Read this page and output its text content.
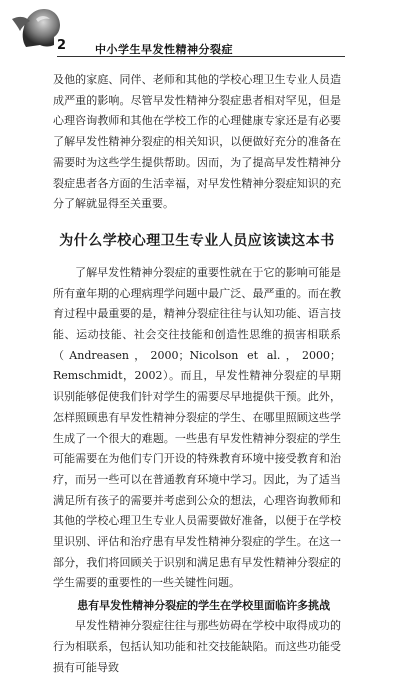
2	中小学生早发性精神分裂症

及他的家庭、同伴、老师和其他的学校心理卫生专业人员造成严重的影响。尽管早发性精神分裂症患者相对罕见，但是心理咨询教师和其他在学校工作的心理健康专家还是有必要了解早发性精神分裂症的相关知识，以便做好充分的准备在需要时为这些学生提供帮助。因而，为了提高早发性精神分裂症患者各方面的生活幸福，对早发性精神分裂症知识的充分了解就显得至关重要。

为什么学校心理卫生专业人员应该读这本书

了解早发性精神分裂症的重要性就在于它的影响可能是所有童年期的心理病理学问题中最广泛、最严重的。而在教育过程中最重要的是，精神分裂症往往与认知功能、语言技能、运动技能、社会交往技能和创造性思维的损害相联系（Andreasen，2000；Nicolson et al.，2000；Remschmidt，2002）。而且，早发性精神分裂症的早期识别能够促使我们针对学生的需要尽早地提供干预。此外，怎样照顾患有早发性精神分裂症的学生、在哪里照顾这些学生成了一个很大的难题。一些患有早发性精神分裂症的学生可能需要在为他们专门开设的特殊教育环境中接受教育和治疗，而另一些可以在普通教育环境中学习。因此，为了适当满足所有孩子的需要并考虑到公众的想法，心理咨询教师和其他的学校心理卫生专业人员需要做好准备，以便于在学校里识别、评估和治疗患有早发性精神分裂症的学生。在这一部分，我们将回顾关于识别和满足患有早发性精神分裂症的学生需要的重要性的一些关键性问题。

患有早发性精神分裂症的学生在学校里面临许多挑战

早发性精神分裂症往往与那些妨碍在学校中取得成功的行为相联系，包括认知功能和社交技能缺陷。而这些功能受损有可能导致
